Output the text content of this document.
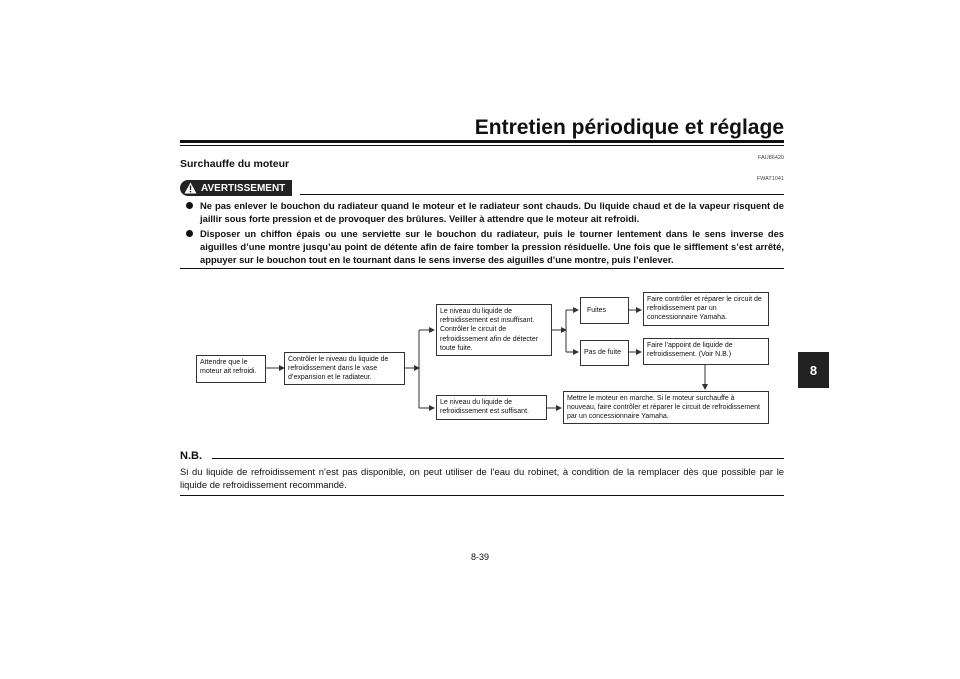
Entretien périodique et réglage
8
FAU86420
Surchauffe du moteur
FWAT1041
AVERTISSEMENT
Ne pas enlever le bouchon du radiateur quand le moteur et le radiateur sont chauds. Du liquide chaud et de la vapeur risquent de jaillir sous forte pression et de provoquer des brûlures. Veiller à attendre que le moteur ait refroidi.
Disposer un chiffon épais ou une serviette sur le bouchon du radiateur, puis le tourner lentement dans le sens inverse des aiguilles d’une montre jusqu’au point de détente afin de faire tomber la pression résiduelle. Une fois que le sifflement s’est arrêté, appuyer sur le bouchon tout en le tournant dans le sens inverse des aiguilles d’une montre, puis l’enlever.
Attendre que le moteur ait refroidi.
Contrôler le niveau du liquide de refroidissement dans le vase d’expansion et le radiateur.
Le niveau du liquide de refroidissement est insuffisant. Contrôler le circuit de refroidissement afin de détecter toute fuite.
Le niveau du liquide de refroidissement est suffisant.
Fuites
Pas de fuite
Faire contrôler et réparer le circuit de refroidissement par un concessionnaire Yamaha.
Faire l’appoint de liquide de refroidissement. (Voir N.B.)
Mettre le moteur en marche. Si le moteur surchauffe à nouveau, faire contrôler et réparer le circuit de refroidissement par un concessionnaire Yamaha.
N.B.
Si du liquide de refroidissement n’est pas disponible, on peut utiliser de l’eau du robinet, à condition de la remplacer dès que possible par le liquide de refroidissement recommandé.
8-39
